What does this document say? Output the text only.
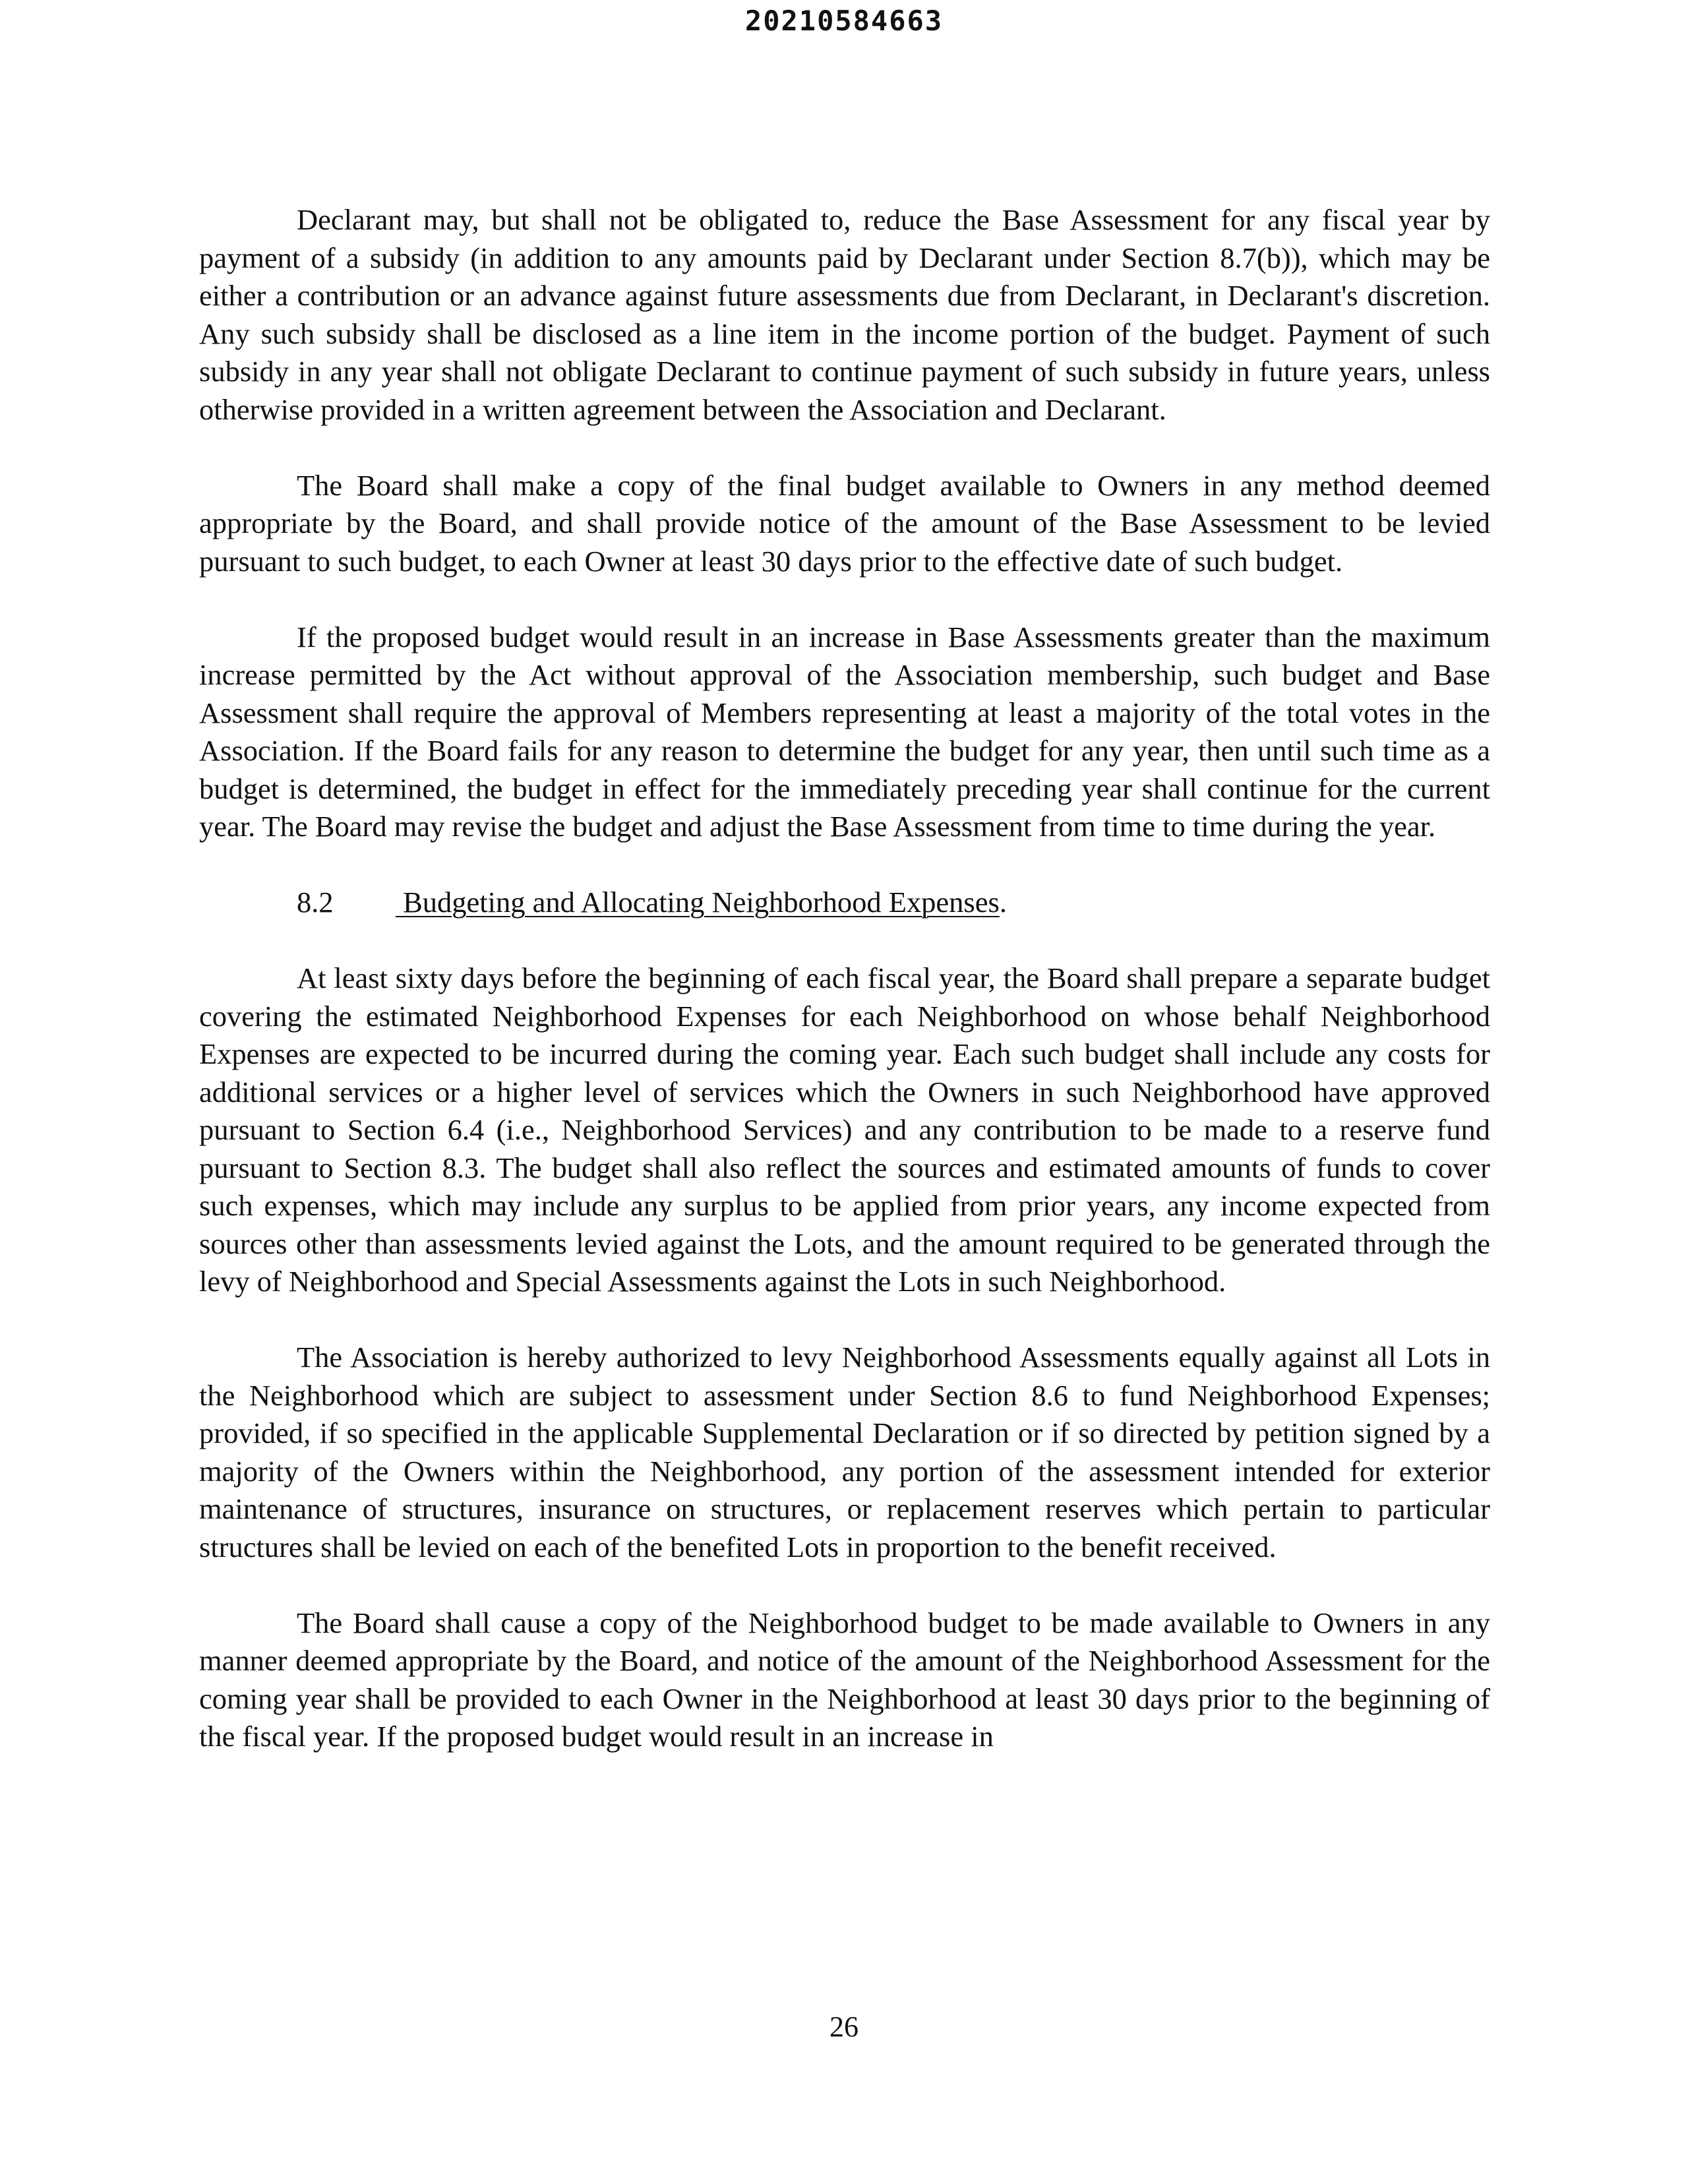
20210584663

Declarant may, but shall not be obligated to, reduce the Base Assessment for any fiscal year by payment of a subsidy (in addition to any amounts paid by Declarant under Section 8.7(b)), which may be either a contribution or an advance against future assessments due from Declarant, in Declarant's discretion. Any such subsidy shall be disclosed as a line item in the income portion of the budget. Payment of such subsidy in any year shall not obligate Declarant to continue payment of such subsidy in future years, unless otherwise provided in a written agreement between the Association and Declarant.

The Board shall make a copy of the final budget available to Owners in any method deemed appropriate by the Board, and shall provide notice of the amount of the Base Assessment to be levied pursuant to such budget, to each Owner at least 30 days prior to the effective date of such budget.

If the proposed budget would result in an increase in Base Assessments greater than the maximum increase permitted by the Act without approval of the Association membership, such budget and Base Assessment shall require the approval of Members representing at least a majority of the total votes in the Association. If the Board fails for any reason to determine the budget for any year, then until such time as a budget is determined, the budget in effect for the immediately preceding year shall continue for the current year. The Board may revise the budget and adjust the Base Assessment from time to time during the year.

8.2 Budgeting and Allocating Neighborhood Expenses.

At least sixty days before the beginning of each fiscal year, the Board shall prepare a separate budget covering the estimated Neighborhood Expenses for each Neighborhood on whose behalf Neighborhood Expenses are expected to be incurred during the coming year. Each such budget shall include any costs for additional services or a higher level of services which the Owners in such Neighborhood have approved pursuant to Section 6.4 (i.e., Neighborhood Services) and any contribution to be made to a reserve fund pursuant to Section 8.3. The budget shall also reflect the sources and estimated amounts of funds to cover such expenses, which may include any surplus to be applied from prior years, any income expected from sources other than assessments levied against the Lots, and the amount required to be generated through the levy of Neighborhood and Special Assessments against the Lots in such Neighborhood.

The Association is hereby authorized to levy Neighborhood Assessments equally against all Lots in the Neighborhood which are subject to assessment under Section 8.6 to fund Neighborhood Expenses; provided, if so specified in the applicable Supplemental Declaration or if so directed by petition signed by a majority of the Owners within the Neighborhood, any portion of the assessment intended for exterior maintenance of structures, insurance on structures, or replacement reserves which pertain to particular structures shall be levied on each of the benefited Lots in proportion to the benefit received.

The Board shall cause a copy of the Neighborhood budget to be made available to Owners in any manner deemed appropriate by the Board, and notice of the amount of the Neighborhood Assessment for the coming year shall be provided to each Owner in the Neighborhood at least 30 days prior to the beginning of the fiscal year. If the proposed budget would result in an increase in

26
